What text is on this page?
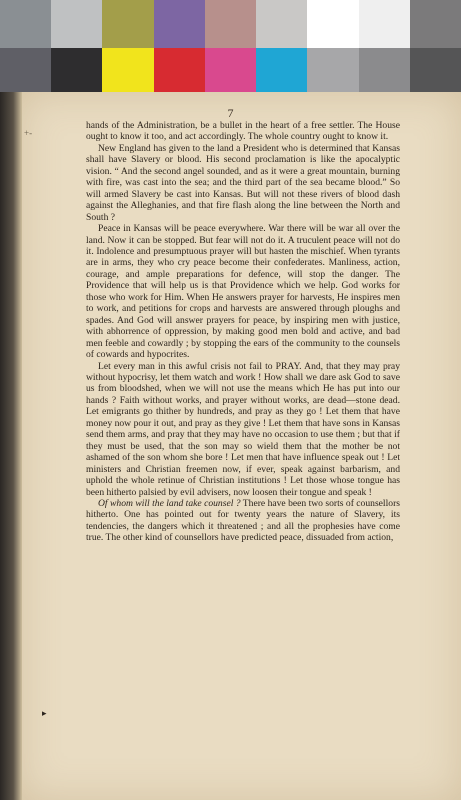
7

hands of the Administration, be a bullet in the heart of a free settler. The House ought to know it too, and act accordingly. The whole country ought to know it.

New England has given to the land a President who is determined that Kansas shall have Slavery or blood. His second proclamation is like the apocalyptic vision. “ And the second angel sounded, and as it were a great mountain, burning with fire, was cast into the sea; and the third part of the sea became blood.” So will armed Slavery be cast into Kansas. But will not these rivers of blood dash against the Alleghanies, and that fire flash along the line between the North and South ?

Peace in Kansas will be peace everywhere. War there will be war all over the land. Now it can be stopped. But fear will not do it. A truculent peace will not do it. Indolence and presumptuous prayer will but hasten the mischief. When tyrants are in arms, they who cry peace become their confederates. Manliness, action, courage, and ample preparations for defence, will stop the danger. The Providence that will help us is that Providence which we help. God works for those who work for Him. When He answers prayer for harvests, He inspires men to work, and petitions for crops and harvests are answered through ploughs and spades. And God will answer prayers for peace, by inspiring men with justice, with abhorrence of oppression, by making good men bold and active, and bad men feeble and cowardly ; by stopping the ears of the community to the counsels of cowards and hypocrites.

Let every man in this awful crisis not fail to PRAY. And, that they may pray without hypocrisy, let them watch and work ! How shall we dare ask God to save us from bloodshed, when we will not use the means which He has put into our hands ? Faith without works, and prayer without works, are dead—stone dead. Let emigrants go thither by hundreds, and pray as they go ! Let them that have money now pour it out, and pray as they give ! Let them that have sons in Kansas send them arms, and pray that they may have no occasion to use them ; but that if they must be used, that the son may so wield them that the mother be not ashamed of the son whom she bore ! Let men that have influence speak out ! Let ministers and Christian freemen now, if ever, speak against barbarism, and uphold the whole retinue of Christian institutions ! Let those whose tongue has been hitherto palsied by evil advisers, now loosen their tongue and speak !

Of whom will the land take counsel ? There have been two sorts of counsellors hitherto. One has pointed out for twenty years the nature of Slavery, its tendencies, the dangers which it threatened ; and all the prophesies have come true. The other kind of counsellors have predicted peace, dissuaded from action,

+-
▸
